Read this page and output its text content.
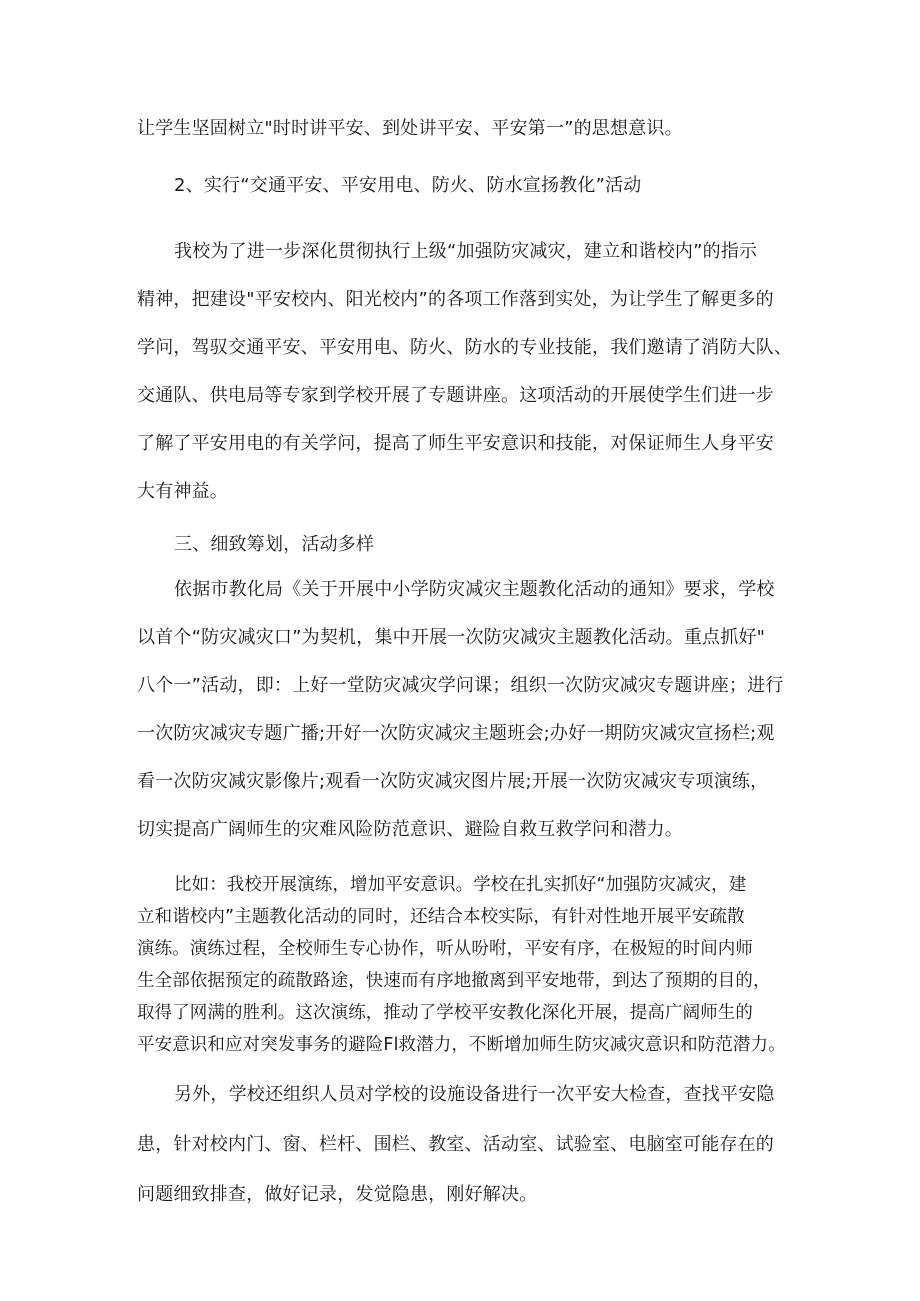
让学生坚固树立"时时讲平安、到处讲平安、平安第一”的思想意识。
2、实行“交通平安、平安用电、防火、防水宣扬教化”活动
我校为了进一步深化贯彻执行上级“加强防灾减灾，建立和谐校内”的指示
精神，把建设"平安校内、阳光校内”的各项工作落到实处，为让学生了解更多的
学问，驾驭交通平安、平安用电、防火、防水的专业技能，我们邀请了消防大队、
交通队、供电局等专家到学校开展了专题讲座。这项活动的开展使学生们进一步
了解了平安用电的有关学问，提高了师生平安意识和技能，对保证师生人身平安
大有神益。
三、细致筹划，活动多样
依据市教化局《关于开展中小学防灾减灾主题教化活动的通知》要求，学校
以首个“防灾减灾口”为契机，集中开展一次防灾减灾主题教化活动。重点抓好"
八个一”活动，即：上好一堂防灾减灾学问课；组织一次防灾减灾专题讲座；进行
一次防灾减灾专题广播;开好一次防灾减灾主题班会;办好一期防灾减灾宣扬栏;观
看一次防灾减灾影像片;观看一次防灾减灾图片展;开展一次防灾减灾专项演练，
切实提高广阔师生的灾难风险防范意识、避险自救互救学问和潜力。
比如：我校开展演练，增加平安意识。学校在扎实抓好“加强防灾减灾，建
立和谐校内”主题教化活动的同时，还结合本校实际，有针对性地开展平安疏散
演练。演练过程，全校师生专心协作，听从吩咐，平安有序，在极短的时间内师
生全部依据预定的疏散路途，快速而有序地撤离到平安地带，到达了预期的目的，
取得了网满的胜利。这次演练，推动了学校平安教化深化开展，提高广阔师生的
平安意识和应对突发事务的避险Fl救潜力，不断增加师生防灾减灾意识和防范潜力。
另外，学校还组织人员对学校的设施设备进行一次平安大检查，查找平安隐
患，针对校内门、窗、栏杆、围栏、教室、活动室、试验室、电脑室可能存在的
问题细致排查，做好记录，发觉隐患，刚好解决。
